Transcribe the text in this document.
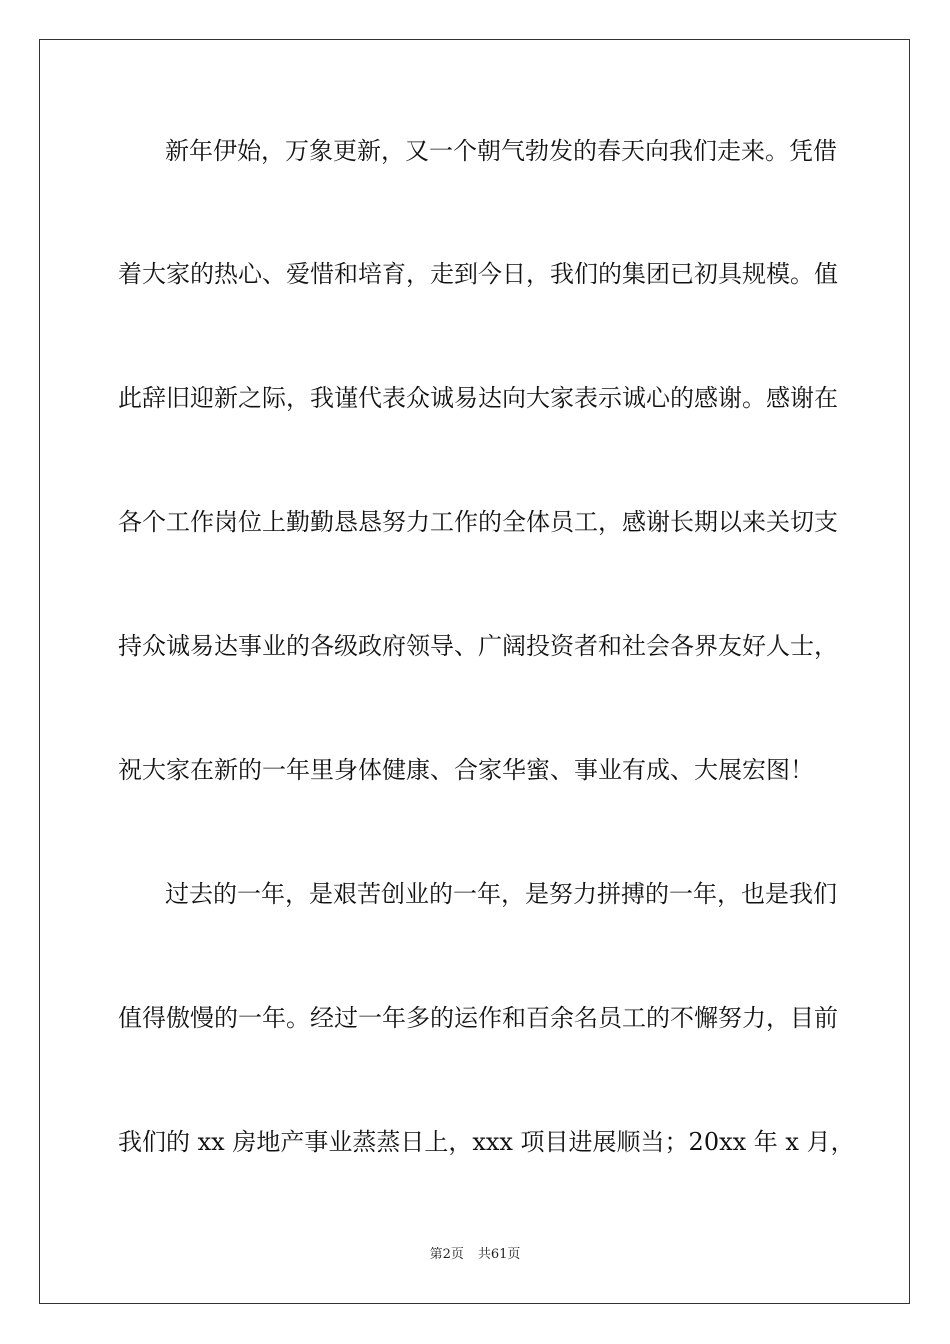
新年伊始，万象更新，又一个朝气勃发的春天向我们走来。凭借
着大家的热心、爱惜和培育，走到今日，我们的集团已初具规模。值
此辞旧迎新之际，我谨代表众诚易达向大家表示诚心的感谢。感谢在
各个工作岗位上勤勤恳恳努力工作的全体员工，感谢长期以来关切支
持众诚易达事业的各级政府领导、广阔投资者和社会各界友好人士，
祝大家在新的一年里身体健康、合家华蜜、事业有成、大展宏图！
过去的一年，是艰苦创业的一年，是努力拼搏的一年，也是我们
值得傲慢的一年。经过一年多的运作和百余名员工的不懈努力，目前
我们的 xx 房地产事业蒸蒸日上，xxx 项目进展顺当；20xx 年 x 月，
第2页 共61页
